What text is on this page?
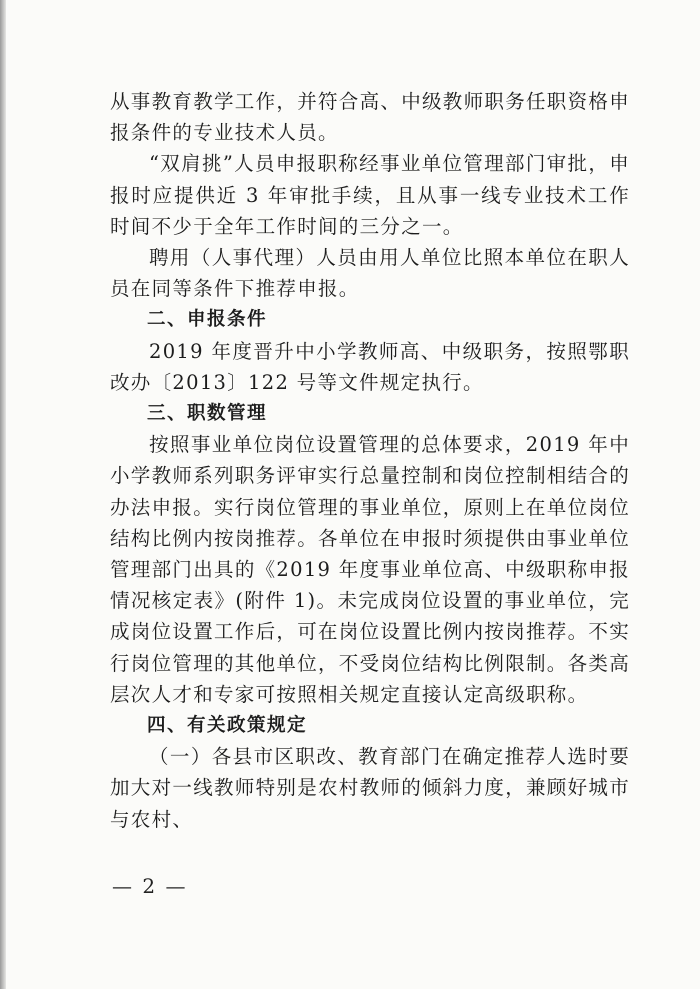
从事教育教学工作，并符合高、中级教师职务任职资格申报条件的专业技术人员。

“双肩挑”人员申报职称经事业单位管理部门审批，申报时应提供近 3 年审批手续，且从事一线专业技术工作时间不少于全年工作时间的三分之一。

聘用（人事代理）人员由用人单位比照本单位在职人员在同等条件下推荐申报。

二、申报条件

2019 年度晋升中小学教师高、中级职务，按照鄂职改办〔2013〕122 号等文件规定执行。

三、职数管理

按照事业单位岗位设置管理的总体要求，2019 年中小学教师系列职务评审实行总量控制和岗位控制相结合的办法申报。实行岗位管理的事业单位，原则上在单位岗位结构比例内按岗推荐。各单位在申报时须提供由事业单位管理部门出具的《2019 年度事业单位高、中级职称申报情况核定表》(附件 1)。未完成岗位设置的事业单位，完成岗位设置工作后，可在岗位设置比例内按岗推荐。不实行岗位管理的其他单位，不受岗位结构比例限制。各类高层次人才和专家可按照相关规定直接认定高级职称。

四、有关政策规定

（一）各县市区职改、教育部门在确定推荐人选时要加大对一线教师特别是农村教师的倾斜力度，兼顾好城市与农村、

— 2 —
